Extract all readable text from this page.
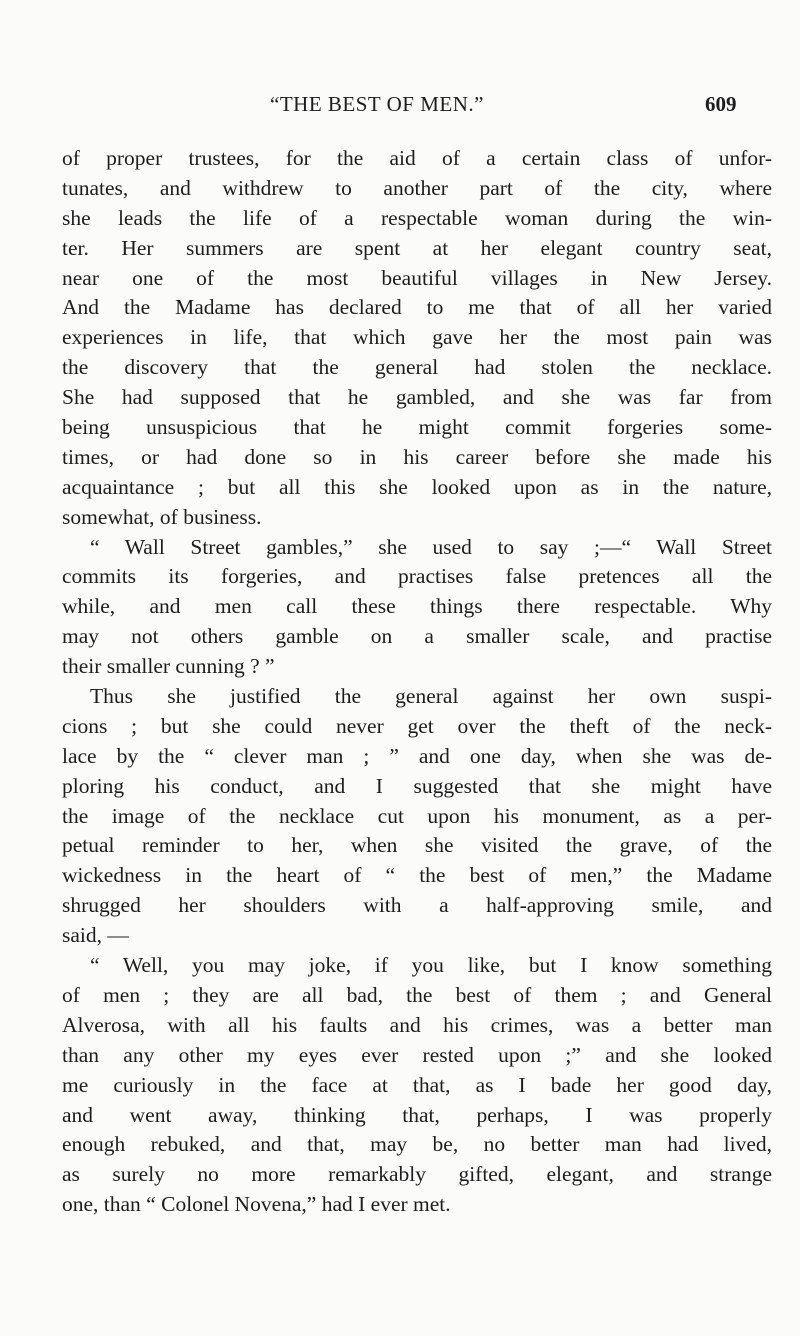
“THE BEST OF MEN.”	609
of proper trustees, for the aid of a certain class of unfor-
tunates, and withdrew to another part of the city, where
she leads the life of a respectable woman during the win-
ter. Her summers are spent at her elegant country seat,
near one of the most beautiful villages in New Jersey.
And the Madame has declared to me that of all her varied
experiences in life, that which gave her the most pain was
the discovery that the general had stolen the necklace.
She had supposed that he gambled, and she was far from
being unsuspicious that he might commit forgeries some-
times, or had done so in his career before she made his
acquaintance ; but all this she looked upon as in the nature,
somewhat, of business.
“ Wall Street gambles,” she used to say ;—“ Wall Street
commits its forgeries, and practises false pretences all the
while, and men call these things there respectable. Why
may not others gamble on a smaller scale, and practise
their smaller cunning ? ”
Thus she justified the general against her own suspi-
cions ; but she could never get over the theft of the neck-
lace by the “ clever man ; ” and one day, when she was de-
ploring his conduct, and I suggested that she might have
the image of the necklace cut upon his monument, as a per-
petual reminder to her, when she visited the grave, of the
wickedness in the heart of “ the best of men,” the Madame
shrugged her shoulders with a half-approving smile, and
said, —
“ Well, you may joke, if you like, but I know something
of men ; they are all bad, the best of them ; and General
Alverosa, with all his faults and his crimes, was a better man
than any other my eyes ever rested upon ;” and she looked
me curiously in the face at that, as I bade her good day,
and went away, thinking that, perhaps, I was properly
enough rebuked, and that, may be, no better man had lived,
as surely no more remarkably gifted, elegant, and strange
one, than “ Colonel Novena,” had I ever met.
